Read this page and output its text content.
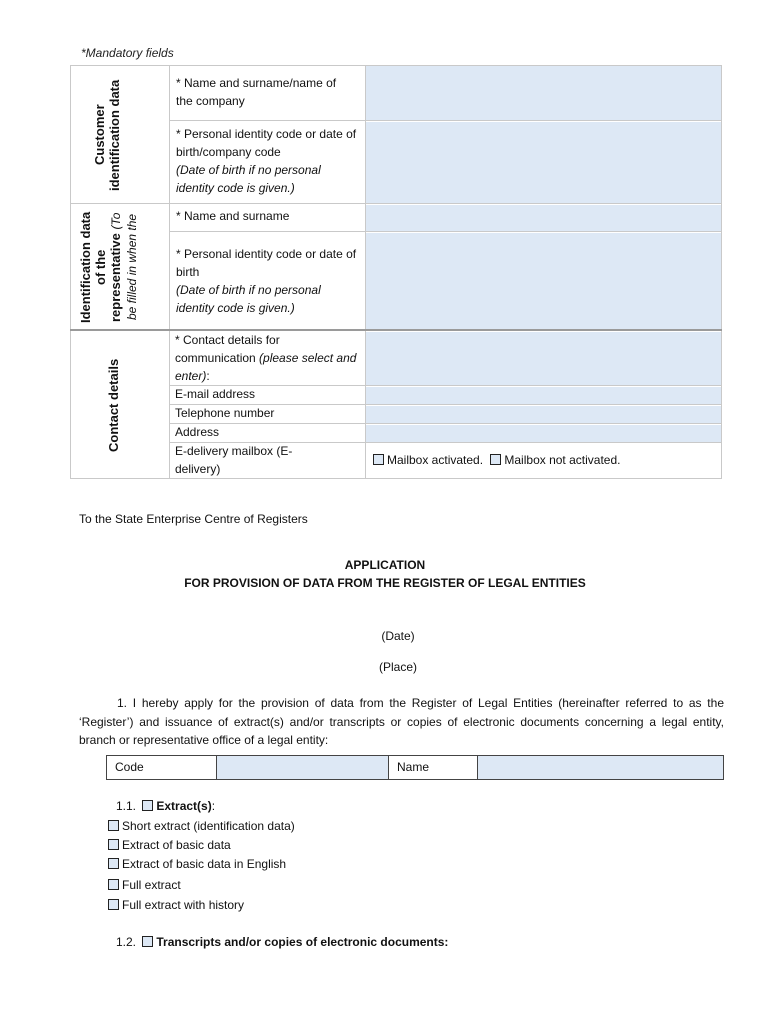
*Mandatory fields
Customer identification data
Identification data of the representative (To be filled in when the
Contact details
* Name and surname/name of the company
* Personal identity code or date of birth/company code
(Date of birth if no personal identity code is given.)
* Name and surname
* Personal identity code or date of birth
(Date of birth if no personal identity code is given.)
* Contact details for communication (please select and enter):
E-mail address
Telephone number
Address
E-delivery mailbox (E-delivery)
Mailbox activated. Mailbox not activated.
To the State Enterprise Centre of Registers
APPLICATION
FOR PROVISION OF DATA FROM THE REGISTER OF LEGAL ENTITIES
(Date)
(Place)
1. I hereby apply for the provision of data from the Register of Legal Entities (hereinafter referred to as the ‘Register’) and issuance of extract(s) and/or transcripts or copies of electronic documents concerning a legal entity, branch or representative office of a legal entity:
Code	Name
1.1. Extract(s):
Short extract (identification data)
Extract of basic data
Extract of basic data in English
Full extract
Full extract with history
1.2. Transcripts and/or copies of electronic documents:
